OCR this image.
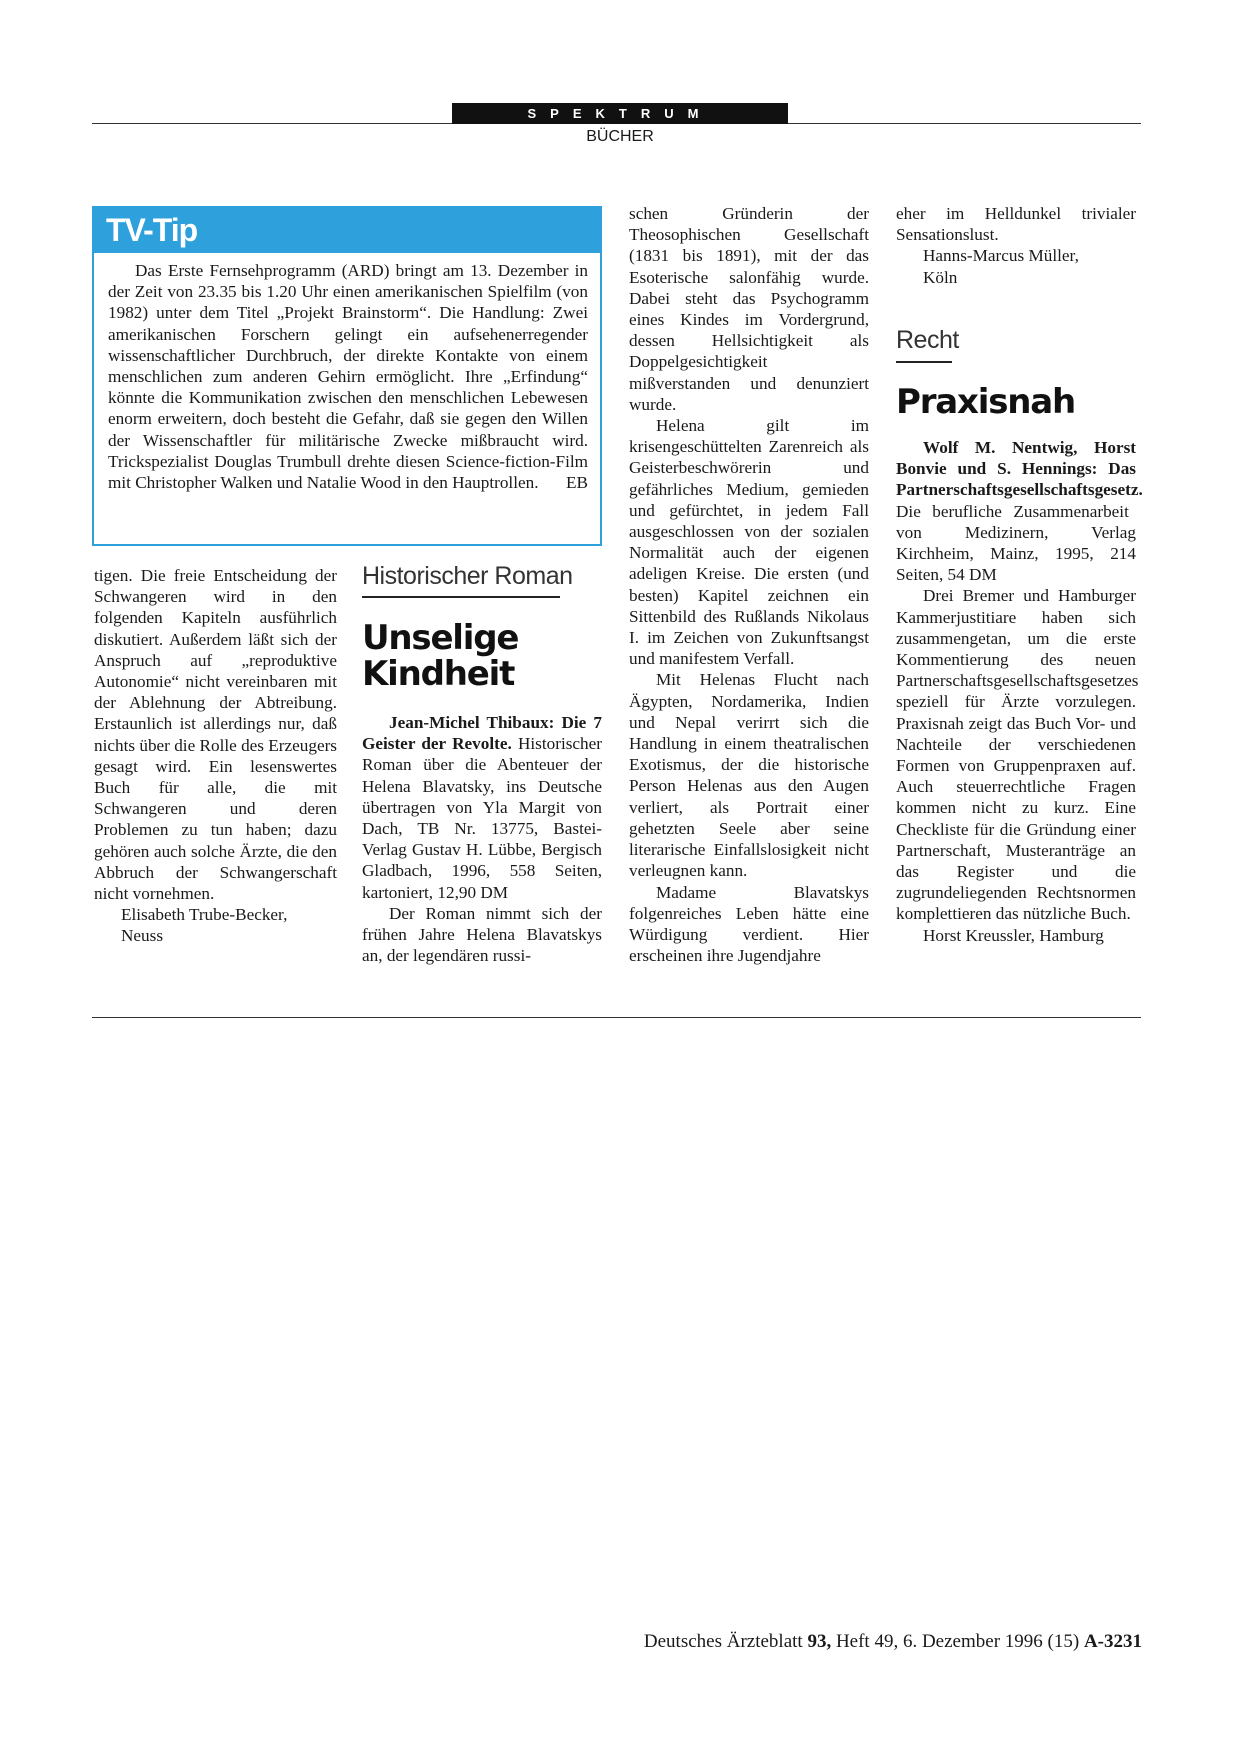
SPEKTRUM
BÜCHER
TV-Tip

Das Erste Fernsehprogramm (ARD) bringt am 13. Dezember in der Zeit von 23.35 bis 1.20 Uhr einen amerikanischen Spielfilm (von 1982) unter dem Titel „Projekt Brainstorm“. Die Handlung: Zwei amerikanischen Forschern gelingt ein aufsehenerregender wissenschaftlicher Durchbruch, der direkte Kontakte von einem menschlichen zum anderen Gehirn ermöglicht. Ihre „Erfindung“ könnte die Kommunikation zwischen den menschlichen Lebewesen enorm erweitern, doch besteht die Gefahr, daß sie gegen den Willen der Wissenschaftler für militärische Zwecke mißbraucht wird. Trickspezialist Douglas Trumbull drehte diesen Science-fiction-Film mit Christopher Walken und Natalie Wood in den Hauptrollen.	EB

tigen. Die freie Entscheidung der Schwangeren wird in den folgenden Kapiteln ausführlich diskutiert. Außerdem läßt sich der Anspruch auf „reproduktive Autonomie“ nicht vereinbaren mit der Ablehnung der Abtreibung. Erstaunlich ist allerdings nur, daß nichts über die Rolle des Erzeugers gesagt wird. Ein lesenswertes Buch für alle, die mit Schwangeren und deren Problemen zu tun haben; dazu gehören auch solche Ärzte, die den Abbruch der Schwangerschaft nicht vornehmen.

Elisabeth Trube-Becker,
Neuss
Historischer Roman
Unselige
Kindheit

Jean-Michel Thibaux: Die 7 Geister der Revolte. Historischer Roman über die Abenteuer der Helena Blavatsky, ins Deutsche übertragen von Yla Margit von Dach, TB Nr. 13775, Bastei-Verlag Gustav H. Lübbe, Bergisch Gladbach, 1996, 558 Seiten, kartoniert, 12,90 DM

Der Roman nimmt sich der frühen Jahre Helena Blavatskys an, der legendären russi-

schen Gründerin der Theosophischen Gesellschaft (1831 bis 1891), mit der das Esoterische salonfähig wurde. Dabei steht das Psychogramm eines Kindes im Vordergrund, dessen Hellsichtigkeit als Doppelgesichtigkeit mißverstanden und denunziert wurde.

Helena gilt im krisengeschüttelten Zarenreich als Geisterbeschwörerin und gefährliches Medium, gemieden und gefürchtet, in jedem Fall ausgeschlossen von der sozialen Normalität auch der eigenen adeligen Kreise. Die ersten (und besten) Kapitel zeichnen ein Sittenbild des Rußlands Nikolaus I. im Zeichen von Zukunftsangst und manifestem Verfall.

Mit Helenas Flucht nach Ägypten, Nordamerika, Indien und Nepal verirrt sich die Handlung in einem theatralischen Exotismus, der die historische Person Helenas aus den Augen verliert, als Portrait einer gehetzten Seele aber seine literarische Einfallslosigkeit nicht verleugnen kann.

Madame Blavatskys folgenreiches Leben hätte eine Würdigung verdient. Hier erscheinen ihre Jugendjahre

eher im Helldunkel trivialer Sensationslust.

Hanns-Marcus Müller,
Köln
Recht
Praxisnah

Wolf M. Nentwig, Horst Bonvie und S. Hennings: Das Partnerschaftsgesellschaftsgesetz. Die berufliche Zusammenarbeit von Medizinern, Verlag Kirchheim, Mainz, 1995, 214 Seiten, 54 DM

Drei Bremer und Hamburger Kammerjustitiare haben sich zusammengetan, um die erste Kommentierung des neuen Partnerschaftsgesellschaftsgesetzes speziell für Ärzte vorzulegen. Praxisnah zeigt das Buch Vor- und Nachteile der verschiedenen Formen von Gruppenpraxen auf. Auch steuerrechtliche Fragen kommen nicht zu kurz. Eine Checkliste für die Gründung einer Partnerschaft, Musteranträge an das Register und die zugrundeliegenden Rechtsnormen komplettieren das nützliche Buch.

Horst Kreussler, Hamburg
Deutsches Ärzteblatt 93, Heft 49, 6. Dezember 1996 (15) A-3231
